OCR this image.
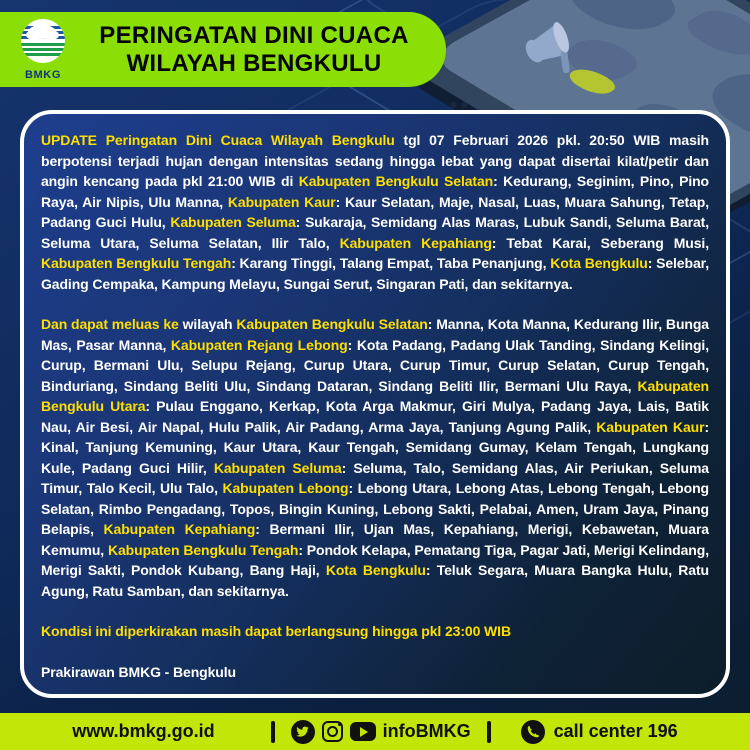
BMKG
PERINGATAN DINI CUACA
WILAYAH BENGKULU

UPDATE Peringatan Dini Cuaca Wilayah Bengkulu tgl 07 Februari 2026 pkl. 20:50 WIB masih berpotensi terjadi hujan dengan intensitas sedang hingga lebat yang dapat disertai kilat/petir dan angin kencang pada pkl 21:00 WIB di Kabupaten Bengkulu Selatan: Kedurang, Seginim, Pino, Pino Raya, Air Nipis, Ulu Manna, Kabupaten Kaur: Kaur Selatan, Maje, Nasal, Luas, Muara Sahung, Tetap, Padang Guci Hulu, Kabupaten Seluma: Sukaraja, Semidang Alas Maras, Lubuk Sandi, Seluma Barat, Seluma Utara, Seluma Selatan, Ilir Talo, Kabupaten Kepahiang: Tebat Karai, Seberang Musi, Kabupaten Bengkulu Tengah: Karang Tinggi, Talang Empat, Taba Penanjung, Kota Bengkulu: Selebar, Gading Cempaka, Kampung Melayu, Sungai Serut, Singaran Pati, dan sekitarnya.

Dan dapat meluas ke wilayah Kabupaten Bengkulu Selatan: Manna, Kota Manna, Kedurang Ilir, Bunga Mas, Pasar Manna, Kabupaten Rejang Lebong: Kota Padang, Padang Ulak Tanding, Sindang Kelingi, Curup, Bermani Ulu, Selupu Rejang, Curup Utara, Curup Timur, Curup Selatan, Curup Tengah, Binduriang, Sindang Beliti Ulu, Sindang Dataran, Sindang Beliti Ilir, Bermani Ulu Raya, Kabupaten Bengkulu Utara: Pulau Enggano, Kerkap, Kota Arga Makmur, Giri Mulya, Padang Jaya, Lais, Batik Nau, Air Besi, Air Napal, Hulu Palik, Air Padang, Arma Jaya, Tanjung Agung Palik, Kabupaten Kaur: Kinal, Tanjung Kemuning, Kaur Utara, Kaur Tengah, Semidang Gumay, Kelam Tengah, Lungkang Kule, Padang Guci Hilir, Kabupaten Seluma: Seluma, Talo, Semidang Alas, Air Periukan, Seluma Timur, Talo Kecil, Ulu Talo, Kabupaten Lebong: Lebong Utara, Lebong Atas, Lebong Tengah, Lebong Selatan, Rimbo Pengadang, Topos, Bingin Kuning, Lebong Sakti, Pelabai, Amen, Uram Jaya, Pinang Belapis, Kabupaten Kepahiang: Bermani Ilir, Ujan Mas, Kepahiang, Merigi, Kebawetan, Muara Kemumu, Kabupaten Bengkulu Tengah: Pondok Kelapa, Pematang Tiga, Pagar Jati, Merigi Kelindang, Merigi Sakti, Pondok Kubang, Bang Haji, Kota Bengkulu: Teluk Segara, Muara Bangka Hulu, Ratu Agung, Ratu Samban, dan sekitarnya.

Kondisi ini diperkirakan masih dapat berlangsung hingga pkl 23:00 WIB

Prakirawan BMKG - Bengkulu

www.bmkg.go.id	infoBMKG	call center 196
